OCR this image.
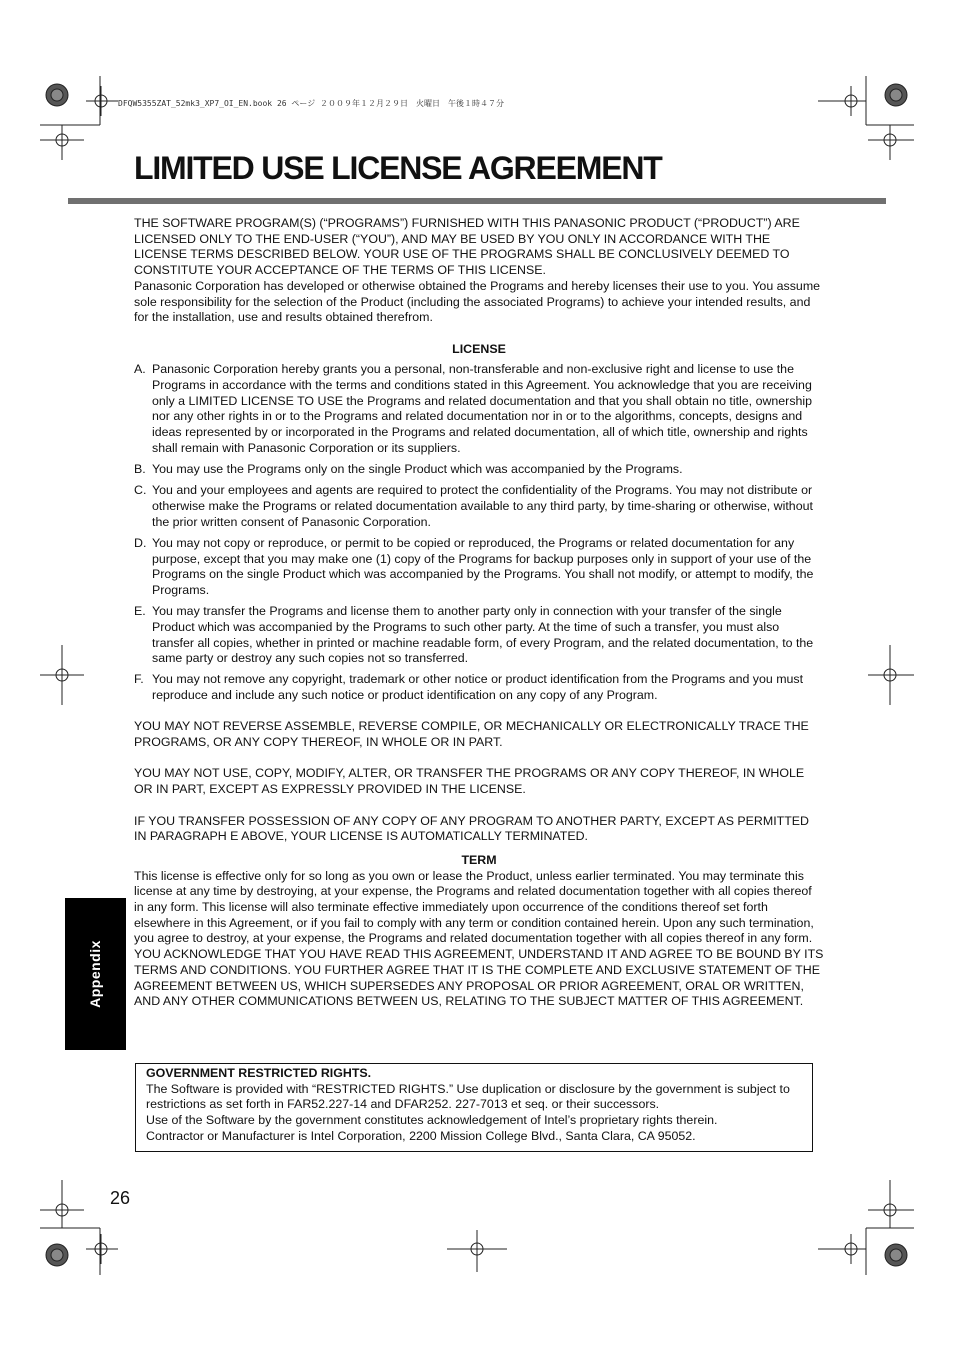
DFQW5355ZAT_52mk3_XP7_OI_EN.book 26 ページ ２００９年１２月２９日　火曜日　午後１時４７分
LIMITED USE LICENSE AGREEMENT

THE SOFTWARE PROGRAM(S) (“PROGRAMS”) FURNISHED WITH THIS PANASONIC PRODUCT (“PRODUCT”) ARE LICENSED ONLY TO THE END-USER (“YOU”), AND MAY BE USED BY YOU ONLY IN ACCORDANCE WITH THE LICENSE TERMS DESCRIBED BELOW. YOUR USE OF THE PROGRAMS SHALL BE CONCLUSIVELY DEEMED TO CONSTITUTE YOUR ACCEPTANCE OF THE TERMS OF THIS LICENSE.

Panasonic Corporation has developed or otherwise obtained the Programs and hereby licenses their use to you. You assume sole responsibility for the selection of the Product (including the associated Programs) to achieve your intended results, and for the installation, use and results obtained therefrom.

LICENSE

A. Panasonic Corporation hereby grants you a personal, non-transferable and non-exclusive right and license to use the Programs in accordance with the terms and conditions stated in this Agreement. You acknowledge that you are receiving only a LIMITED LICENSE TO USE the Programs and related documentation and that you shall obtain no title, ownership nor any other rights in or to the Programs and related documentation nor in or to the algorithms, concepts, designs and ideas represented by or incorporated in the Programs and related documentation, all of which title, ownership and rights shall remain with Panasonic Corporation or its suppliers.
B. You may use the Programs only on the single Product which was accompanied by the Programs.
C. You and your employees and agents are required to protect the confidentiality of the Programs. You may not distribute or otherwise make the Programs or related documentation available to any third party, by time-sharing or otherwise, without the prior written consent of Panasonic Corporation.
D. You may not copy or reproduce, or permit to be copied or reproduced, the Programs or related documentation for any purpose, except that you may make one (1) copy of the Programs for backup purposes only in support of your use of the Programs on the single Product which was accompanied by the Programs. You shall not modify, or attempt to modify, the Programs.
E. You may transfer the Programs and license them to another party only in connection with your transfer of the single Product which was accompanied by the Programs to such other party. At the time of such a transfer, you must also transfer all copies, whether in printed or machine readable form, of every Program, and the related documentation, to the same party or destroy any such copies not so transferred.
F. You may not remove any copyright, trademark or other notice or product identification from the Programs and you must reproduce and include any such notice or product identification on any copy of any Program.

YOU MAY NOT REVERSE ASSEMBLE, REVERSE COMPILE, OR MECHANICALLY OR ELECTRONICALLY TRACE THE PROGRAMS, OR ANY COPY THEREOF, IN WHOLE OR IN PART.

YOU MAY NOT USE, COPY, MODIFY, ALTER, OR TRANSFER THE PROGRAMS OR ANY COPY THEREOF, IN WHOLE OR IN PART, EXCEPT AS EXPRESSLY PROVIDED IN THE LICENSE.

IF YOU TRANSFER POSSESSION OF ANY COPY OF ANY PROGRAM TO ANOTHER PARTY, EXCEPT AS PERMITTED IN PARAGRAPH E ABOVE, YOUR LICENSE IS AUTOMATICALLY TERMINATED.

TERM

This license is effective only for so long as you own or lease the Product, unless earlier terminated. You may terminate this license at any time by destroying, at your expense, the Programs and related documentation together with all copies thereof in any form. This license will also terminate effective immediately upon occurrence of the conditions thereof set forth elsewhere in this Agreement, or if you fail to comply with any term or condition contained herein. Upon any such termination, you agree to destroy, at your expense, the Programs and related documentation together with all copies thereof in any form.

YOU ACKNOWLEDGE THAT YOU HAVE READ THIS AGREEMENT, UNDERSTAND IT AND AGREE TO BE BOUND BY ITS TERMS AND CONDITIONS. YOU FURTHER AGREE THAT IT IS THE COMPLETE AND EXCLUSIVE STATEMENT OF THE AGREEMENT BETWEEN US, WHICH SUPERSEDES ANY PROPOSAL OR PRIOR AGREEMENT, ORAL OR WRITTEN, AND ANY OTHER COMMUNICATIONS BETWEEN US, RELATING TO THE SUBJECT MATTER OF THIS AGREEMENT.

GOVERNMENT RESTRICTED RIGHTS.
The Software is provided with “RESTRICTED RIGHTS.” Use duplication or disclosure by the government is subject to restrictions as set forth in FAR52.227-14 and DFAR252. 227-7013 et seq. or their successors.
Use of the Software by the government constitutes acknowledgement of Intel’s proprietary rights therein.
Contractor or Manufacturer is Intel Corporation, 2200 Mission College Blvd., Santa Clara, CA 95052.
Appendix
26
